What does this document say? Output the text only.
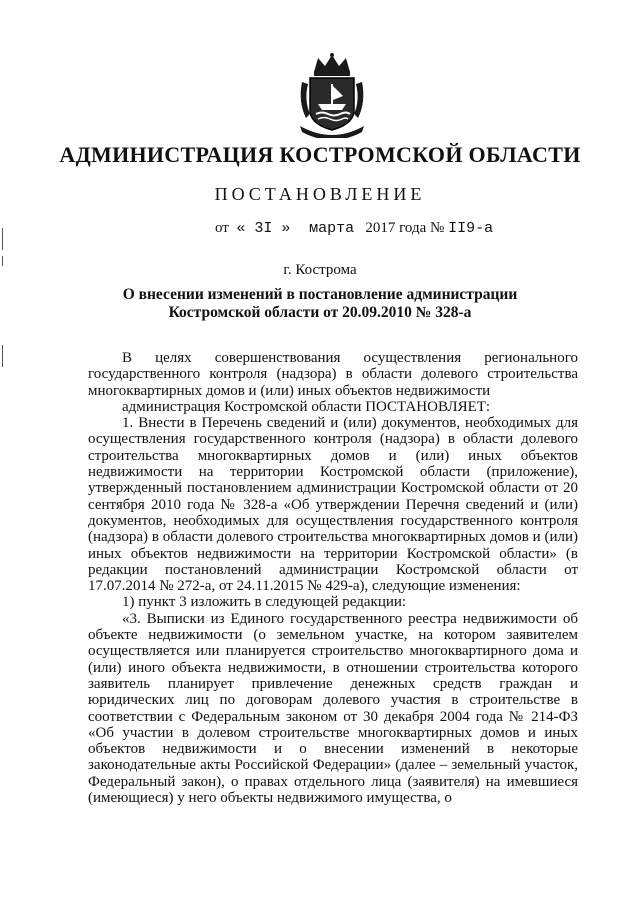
АДМИНИСТРАЦИЯ КОСТРОМСКОЙ ОБЛАСТИ
ПОСТАНОВЛЕНИЕ
от « 3I » марта 2017 года № II9-а
г. Кострома
О внесении изменений в постановление администрации
Костромской области от 20.09.2010 № 328-а

В целях совершенствования осуществления регионального государственного контроля (надзора) в области долевого строительства многоквартирных домов и (или) иных объектов недвижимости

администрация Костромской области ПОСТАНОВЛЯЕТ:

1. Внести в Перечень сведений и (или) документов, необходимых для осуществления государственного контроля (надзора) в области долевого строительства многоквартирных домов и (или) иных объектов недвижимости на территории Костромской области (приложение), утвержденный постановлением администрации Костромской области от 20 сентября 2010 года № 328-а «Об утверждении Перечня сведений и (или) документов, необходимых для осуществления государственного контроля (надзора) в области долевого строительства многоквартирных домов и (или) иных объектов недвижимости на территории Костромской области» (в редакции постановлений администрации Костромской области от 17.07.2014 № 272-а, от 24.11.2015 № 429-а), следующие изменения:

1) пункт 3 изложить в следующей редакции:

«3. Выписки из Единого государственного реестра недвижимости об объекте недвижимости (о земельном участке, на котором заявителем осуществляется или планируется строительство многоквартирного дома и (или) иного объекта недвижимости, в отношении строительства которого заявитель планирует привлечение денежных средств граждан и юридических лиц по договорам долевого участия в строительстве в соответствии с Федеральным законом от 30 декабря 2004 года № 214-ФЗ «Об участии в долевом строительстве многоквартирных домов и иных объектов недвижимости и о внесении изменений в некоторые законодательные акты Российской Федерации» (далее – земельный участок, Федеральный закон), о правах отдельного лица (заявителя) на имевшиеся (имеющиеся) у него объекты недвижимого имущества, о
